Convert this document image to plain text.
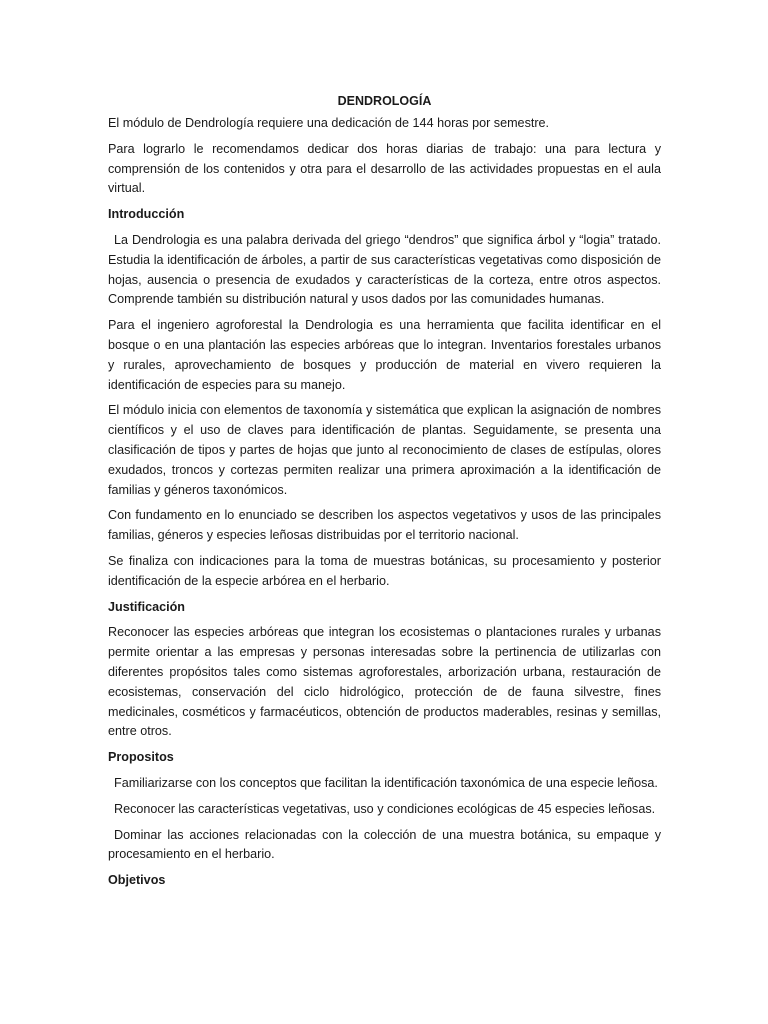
DENDROLOGÍA

El módulo de Dendrología requiere una dedicación de 144 horas por semestre.

Para lograrlo le recomendamos dedicar dos horas diarias de trabajo: una para lectura y comprensión de los contenidos y otra para el desarrollo de las actividades propuestas en el aula virtual.

Introducción

La Dendrologia es una palabra derivada del griego “dendros” que significa árbol y “logia” tratado. Estudia la identificación de árboles, a partir de sus características vegetativas como disposición de hojas, ausencia o presencia de exudados y características de la corteza, entre otros aspectos. Comprende también su distribución natural y usos dados por las comunidades humanas.

Para el ingeniero agroforestal la Dendrologia es una herramienta que facilita identificar en el bosque o en una plantación las especies arbóreas que lo integran. Inventarios forestales urbanos y rurales, aprovechamiento de bosques y producción de material en vivero requieren la identificación de especies para su manejo.

El módulo inicia con elementos de taxonomía y sistemática que explican la asignación de nombres científicos y el uso de claves para identificación de plantas. Seguidamente, se presenta una clasificación de tipos y partes de hojas que junto al reconocimiento de clases de estípulas, olores exudados, troncos y cortezas permiten realizar una primera aproximación a la identificación de familias y géneros taxonómicos.

Con fundamento en lo enunciado se describen los aspectos vegetativos y usos de las principales familias, géneros y especies leñosas distribuidas por el territorio nacional.

Se finaliza con indicaciones para la toma de muestras botánicas, su procesamiento y posterior identificación de la especie arbórea en el herbario.

Justificación

Reconocer las especies arbóreas que integran los ecosistemas o plantaciones rurales y urbanas permite orientar a las empresas y personas interesadas sobre la pertinencia de utilizarlas con diferentes propósitos tales como sistemas agroforestales, arborización urbana, restauración de ecosistemas, conservación del ciclo hidrológico, protección de de fauna silvestre, fines medicinales, cosméticos y farmacéuticos, obtención de productos maderables, resinas y semillas, entre otros.

Propositos

Familiarizarse con los conceptos que facilitan la identificación taxonómica de una especie leñosa.

Reconocer las características vegetativas, uso y condiciones ecológicas de 45 especies leñosas.

Dominar las acciones relacionadas con la colección de una muestra botánica, su empaque y procesamiento en el herbario.

Objetivos
